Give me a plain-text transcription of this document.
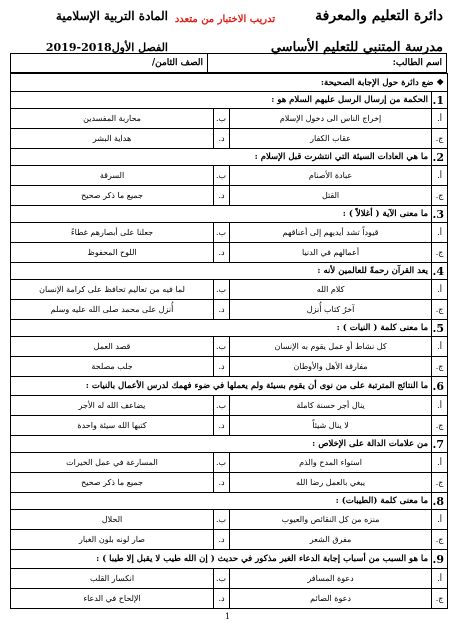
دائرة التعليم والمعرفة
مدرسة المتنبي للتعليم الأساسي
تدريب الاختبار من متعدد
المادة التربية الإسلامية
الفصل الأول2018-2019
اسم الطالب:	الصف الثامن/
❖ ضع دائرة حول الإجابة الصحيحة:			
1.	الحكمة من إرسال الرسل عليهم السلام هو :		
أ.	إخراج الناس الى دخول الإسلام	ب.	محاربة المفسدين
ج.	عقاب الكفار	د.	هداية البشر
2.	ما هي العادات السيئة التي انتشرت قبل الإسلام :		
أ.	عبادة الأصنام	ب.	السرقة
ج.	القتل	د.	جميع ما ذكر صحيح
3.	ما معنى الآية ( أغلالاً ) :		
أ.	قيوداً تشد أيديهم إلى أعناقهم	ب.	جعلنا على أبصارهم غطاءً
ج.	أعمالهم في الدنيا	د.	اللوح المحفوظ
4.	يعد القرآن رحمةً للعالمين لأنه :		
أ.	كلام الله	ب.	لما فيه من تعاليم تحافظ على كرامة الإنسان
ج.	آخرُ كتاب أُنزل	د.	أُنزل على محمد صلى الله عليه وسلم
5.	ما معنى كلمة ( النيات ) :		
أ.	كل نشاط أو عمل يقوم به الإنسان	ب.	قصد العمل
ج.	مفارقة الأهل والأوطان	د.	جلب مصلحة
6.	ما النتائج المترتبة على من نوى أن يقوم بسيئة ولم يعملها في ضوء فهمك لدرس الأعمال بالنيات :		
أ.	ينال أجر حسنة كاملة	ب.	يضاعف الله له الأجر
ج.	لا ينال شيئاً	د.	كتبها الله سيئة واحدة
7.	من علامات الدالة على الإخلاص :		
أ.	استواء المدح والذم	ب.	المسارعة في عمل الخيرات
ج.	يبغي بالعمل رضا الله	د.	جميع ما ذكر صحيح
8.	ما معنى كلمة (الطيبات) :		
أ.	منزه من كل النقائص والعيوب	ب.	الحلال
ج.	مفرق الشعر	د.	صار لونه بلون الغبار
9.	ما هو السبب من أسباب إجابة الدعاء الغير مذكور في حديث ( إن الله طيب لا يقبل إلا طيبا ) :		
أ.	دعوة المسافر	ب.	انكسار القلب
ج.	دعوة الصائم	د.	الإلحاح في الدعاء
1
